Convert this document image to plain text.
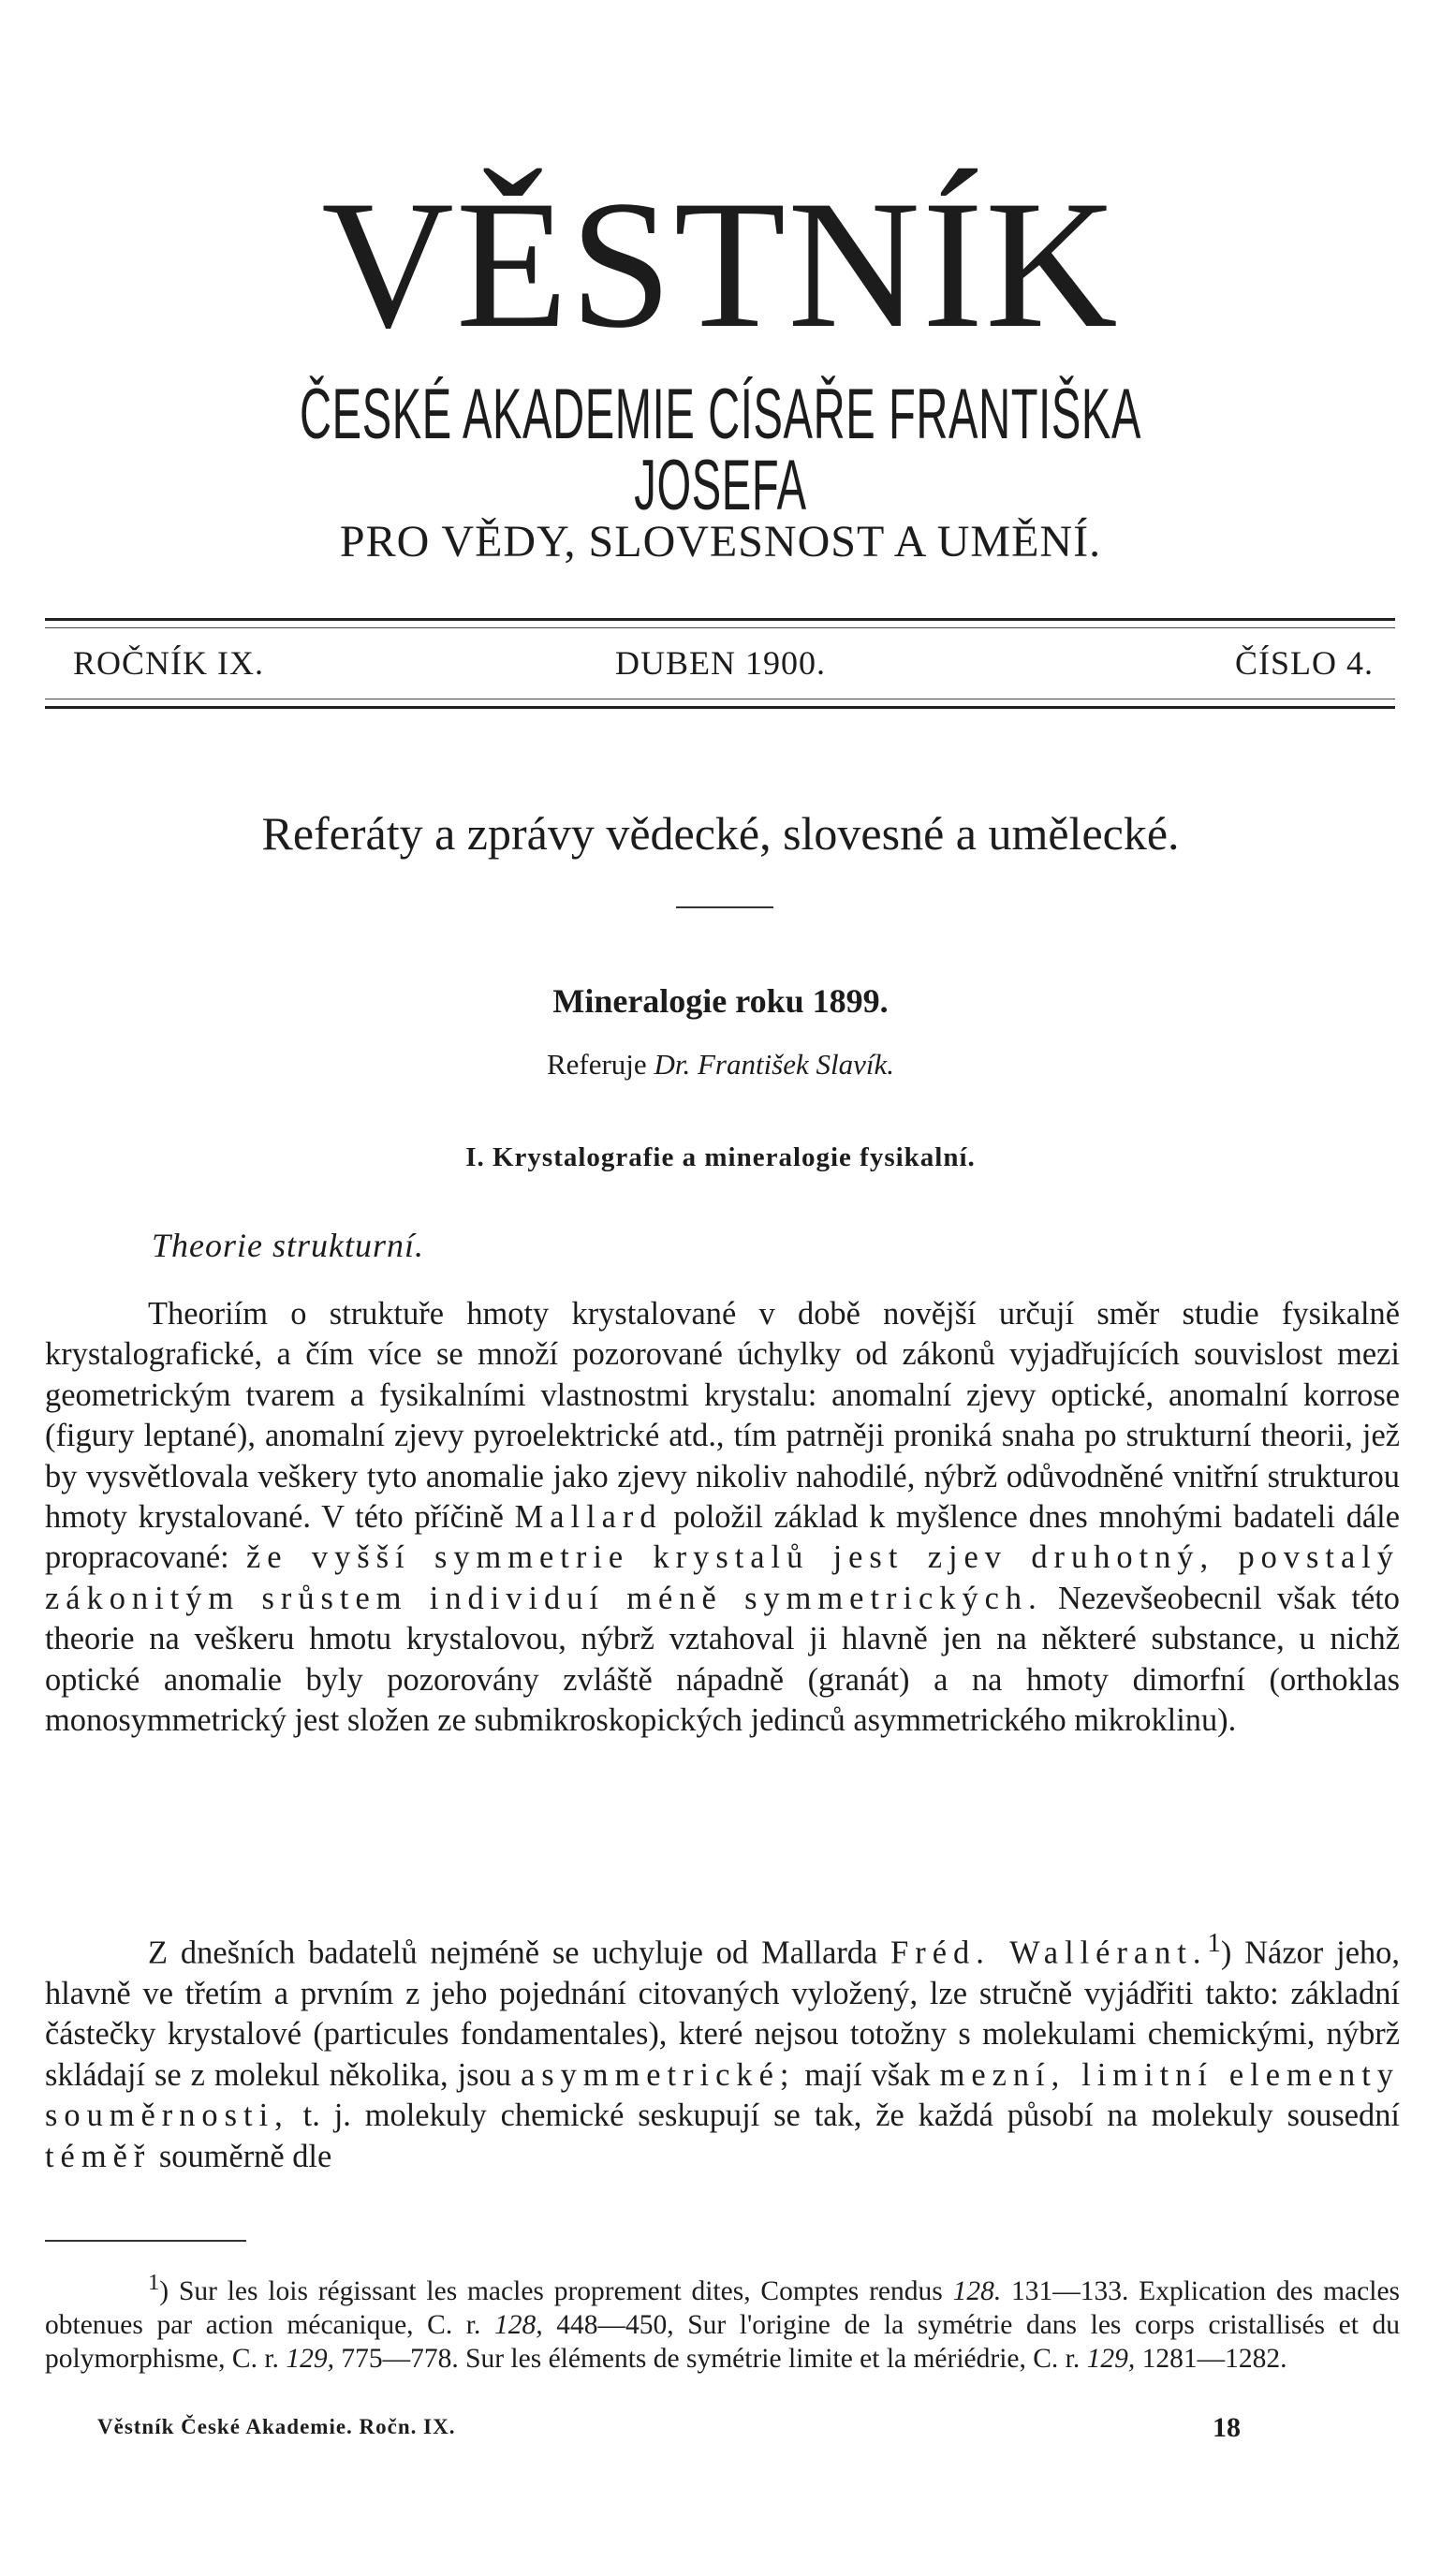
VĚSTNÍK
ČESKÉ AKADEMIE CÍSAŘE FRANTIŠKA JOSEFA
PRO VĚDY, SLOVESNOST A UMĚNÍ.
ROČNÍK IX.	DUBEN 1900.	ČÍSLO 4.
Referáty a zprávy vědecké, slovesné a umělecké.
Mineralogie roku 1899.
Referuje Dr. František Slavík.
I. Krystalografie a mineralogie fysikalní.
Theorie strukturní.

Theoriím o struktuře hmoty krystalované v době novější určují směr studie fysikalně krystalografické, a čím více se množí pozorované úchylky od zákonů vyjadřujících souvislost mezi geometrickým tvarem a fysikalními vlastnostmi krystalu: anomalní zjevy optické, anomalní korrose (figury leptané), anomalní zjevy pyroelektrické atd., tím patrněji proniká snaha po strukturní theorii, jež by vysvětlovala veškery tyto anomalie jako zjevy nikoliv nahodilé, nýbrž odůvodněné vnitřní strukturou hmoty krystalované. V této příčině Mallard položil základ k myšlence dnes mnohými badateli dále propracované: že vyšší symmetrie krystalů jest zjev druhotný, povstalý zákonitým srůstem individuí méně symmetrických. Nezevšeobecnil však této theorie na veškeru hmotu krystalovou, nýbrž vztahoval ji hlavně jen na některé substance, u nichž optické anomalie byly pozorovány zvláště nápadně (granát) a na hmoty dimorfní (orthoklas monosymmetrický jest složen ze submikroskopických jedinců asymmetrického mikroklinu).

Z dnešních badatelů nejméně se uchyluje od Mallarda Fréd. Wallérant.$^1$) Názor jeho, hlavně ve třetím a prvním z jeho pojednání citovaných vyložený, lze stručně vyjádřiti takto: základní částečky krystalové (particules fondamentales), které nejsou totožny s molekulami chemickými, nýbrž skládají se z molekul několika, jsou asymmetrické; mají však mezní, limitní elementy souměrnosti, t. j. molekuly chemické seskupují se tak, že každá působí na molekuly sousední téměř souměrně dle

$^1$) Sur les lois régissant les macles proprement dites, Comptes rendus 128. 131—133. Explication des macles obtenues par action mécanique, C. r. 128, 448—450, Sur l'origine de la symétrie dans les corps cristallisés et du polymorphisme, C. r. 129, 775—778. Sur les éléments de symétrie limite et la mériédrie, C. r. 129, 1281—1282.

Věstník České Akademie. Ročn. IX.	18
